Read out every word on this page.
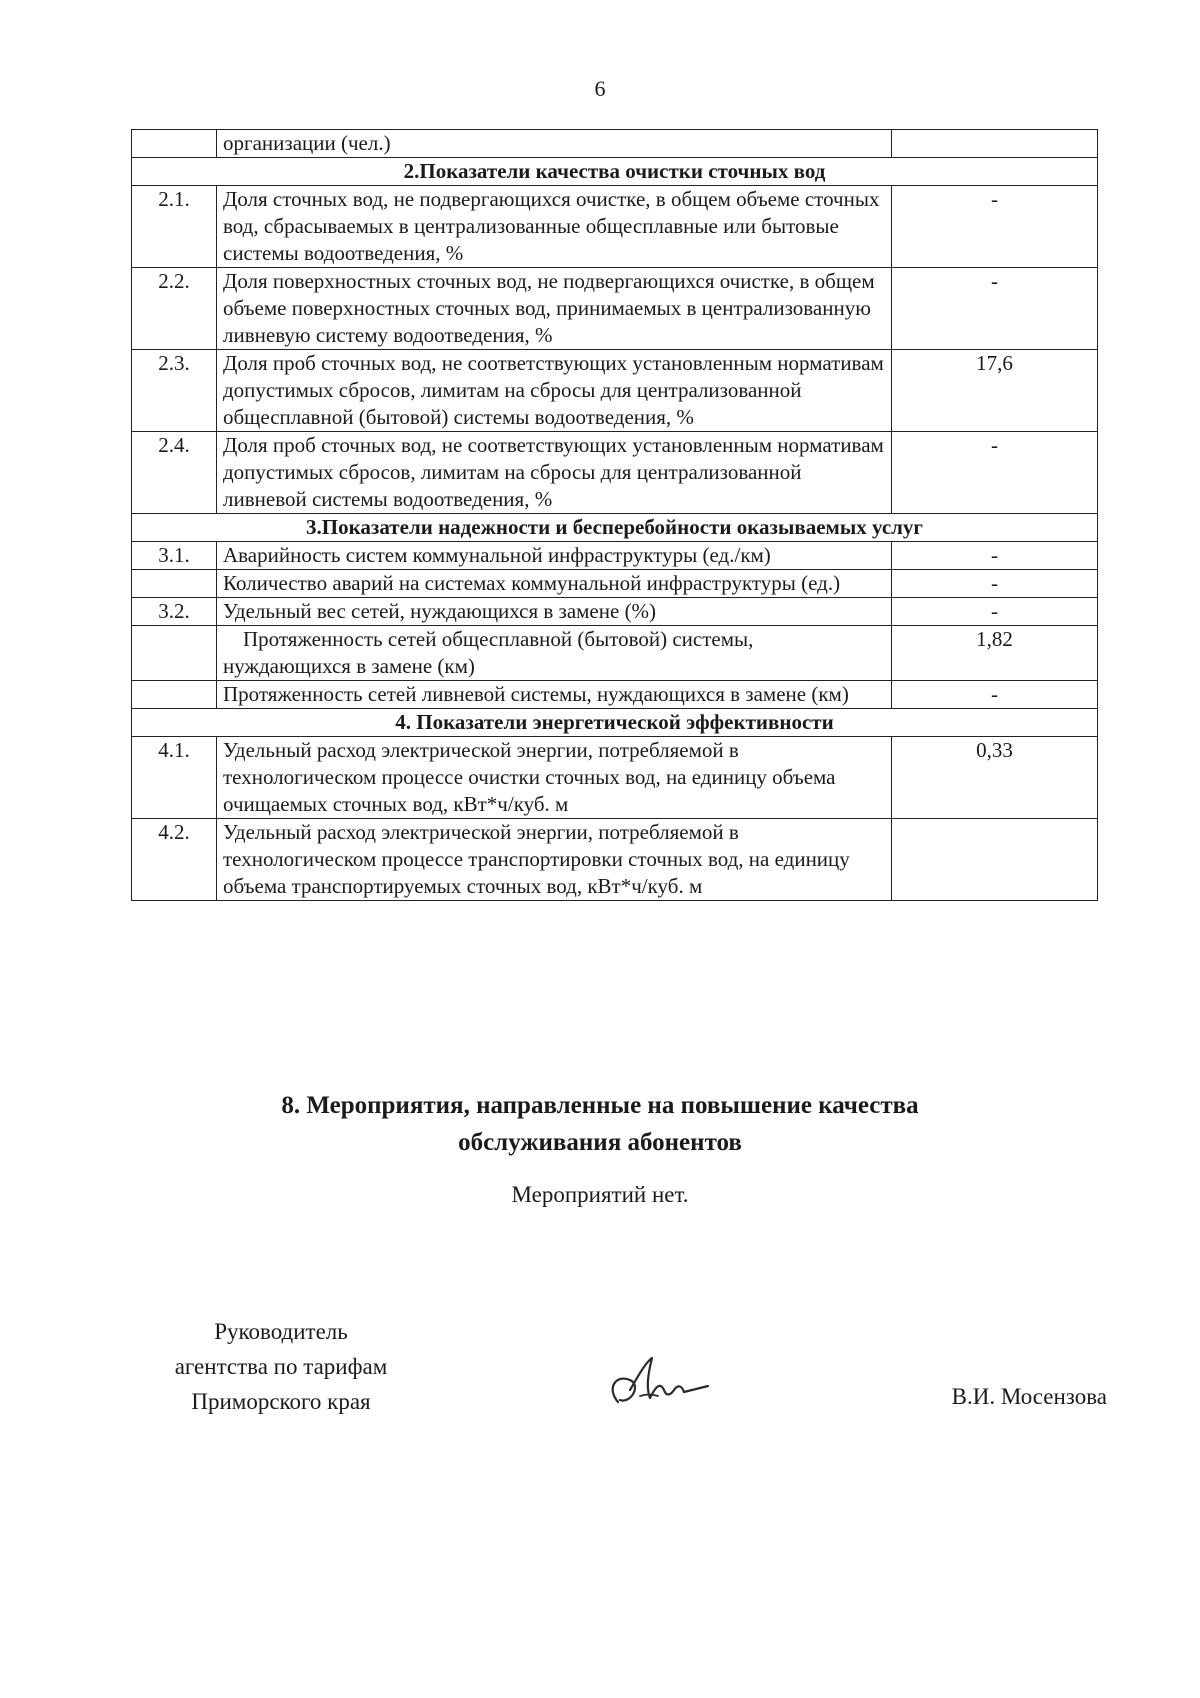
6
	организации (чел.)	
2.Показатели качества очистки сточных вод		
2.1.	Доля сточных вод, не подвергающихся очистке, в общем объеме сточных вод, сбрасываемых в централизованные общесплавные или бытовые системы водоотведения, %	-
2.2.	Доля поверхностных сточных вод, не подвергающихся очистке, в общем объеме поверхностных сточных вод, принимаемых в централизованную ливневую систему водоотведения, %	-
2.3.	Доля проб сточных вод, не соответствующих установленным нормативам допустимых сбросов, лимитам на сбросы для централизованной общесплавной (бытовой) системы водоотведения, %	17,6
2.4.	Доля проб сточных вод, не соответствующих установленным нормативам допустимых сбросов, лимитам на сбросы для централизованной ливневой системы водоотведения, %	-
3.Показатели надежности и бесперебойности оказываемых услуг		
3.1.	Аварийность систем коммунальной инфраструктуры (ед./км)	-
	Количество аварий на системах коммунальной инфраструктуры (ед.)	-
3.2.	Удельный вес сетей, нуждающихся в замене (%)	-
	Протяженность сетей общесплавной (бытовой) системы, нуждающихся в замене (км)	1,82
	Протяженность сетей ливневой системы, нуждающихся в замене (км)	-
4. Показатели энергетической эффективности		
4.1.	Удельный расход электрической энергии, потребляемой в технологическом процессе очистки сточных вод, на единицу объема очищаемых сточных вод, кВт*ч/куб. м	0,33
4.2.	Удельный расход электрической энергии, потребляемой в технологическом процессе транспортировки сточных вод, на единицу объема транспортируемых сточных вод, кВт*ч/куб. м	
8. Мероприятия, направленные на повышение качества
обслуживания абонентов
Мероприятий нет.
Руководитель
агентства по тарифам
Приморского края	В.И. Мосензова
